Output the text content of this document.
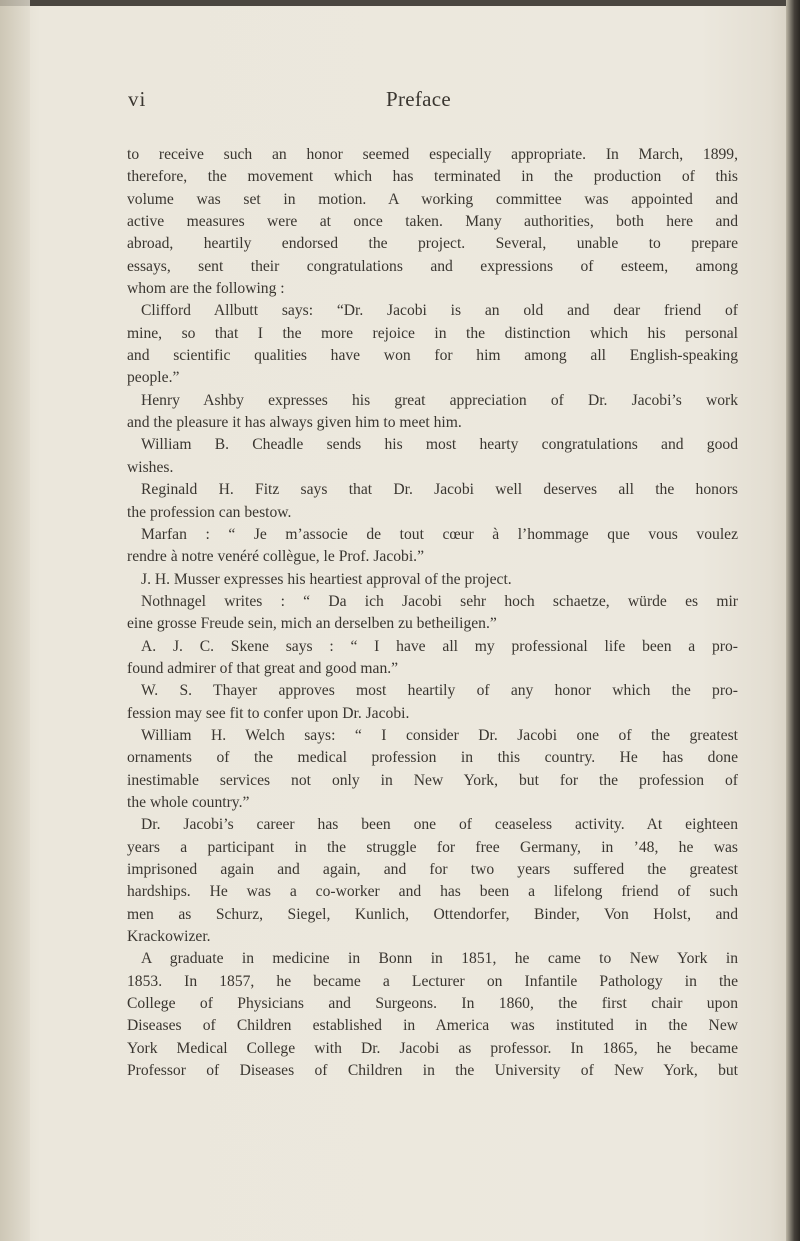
vi	Preface
to receive such an honor seemed especially appropriate. In March, 1899,
therefore, the movement which has terminated in the production of this
volume was set in motion. A working committee was appointed and
active measures were at once taken. Many authorities, both here and
abroad, heartily endorsed the project. Several, unable to prepare
essays, sent their congratulations and expressions of esteem, among
whom are the following :
Clifford Allbutt says: “Dr. Jacobi is an old and dear friend of
mine, so that I the more rejoice in the distinction which his personal
and scientific qualities have won for him among all English-speaking
people.”
Henry Ashby expresses his great appreciation of Dr. Jacobi’s work
and the pleasure it has always given him to meet him.
William B. Cheadle sends his most hearty congratulations and good
wishes.
Reginald H. Fitz says that Dr. Jacobi well deserves all the honors
the profession can bestow.
Marfan : “ Je m’associe de tout cœur à l’hommage que vous voulez
rendre à notre venéré collègue, le Prof. Jacobi.”
J. H. Musser expresses his heartiest approval of the project.
Nothnagel writes : “ Da ich Jacobi sehr hoch schaetze, würde es mir
eine grosse Freude sein, mich an derselben zu betheiligen.”
A. J. C. Skene says : “ I have all my professional life been a pro-
found admirer of that great and good man.”
W. S. Thayer approves most heartily of any honor which the pro-
fession may see fit to confer upon Dr. Jacobi.
William H. Welch says: “ I consider Dr. Jacobi one of the greatest
ornaments of the medical profession in this country. He has done
inestimable services not only in New York, but for the profession of
the whole country.”
Dr. Jacobi’s career has been one of ceaseless activity. At eighteen
years a participant in the struggle for free Germany, in ’48, he was
imprisoned again and again, and for two years suffered the greatest
hardships. He was a co-worker and has been a lifelong friend of such
men as Schurz, Siegel, Kunlich, Ottendorfer, Binder, Von Holst, and
Krackowizer.
A graduate in medicine in Bonn in 1851, he came to New York in
1853. In 1857, he became a Lecturer on Infantile Pathology in the
College of Physicians and Surgeons. In 1860, the first chair upon
Diseases of Children established in America was instituted in the New
York Medical College with Dr. Jacobi as professor. In 1865, he became
Professor of Diseases of Children in the University of New York, but
